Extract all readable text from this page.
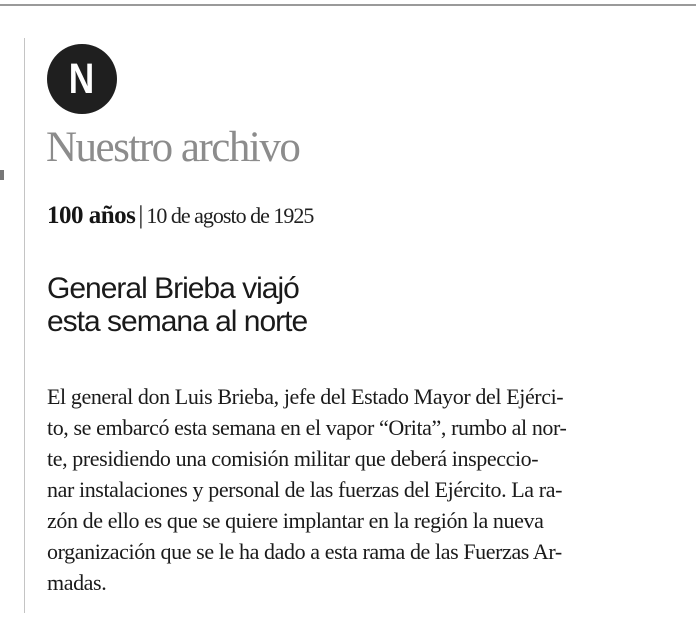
N
Nuestro archivo
100 años | 10 de agosto de 1925
General Brieba viajó
esta semana al norte
El general don Luis Brieba, jefe del Estado Mayor del Ejérci-
to, se embarcó esta semana en el vapor “Orita”, rumbo al nor-
te, presidiendo una comisión militar que deberá inspecciо-
nar instalaciones y personal de las fuerzas del Ejército. La ra-
zón de ello es que se quiere implantar en la región la nueva
organización que se le ha dado a esta rama de las Fuerzas Ar-
madas.
